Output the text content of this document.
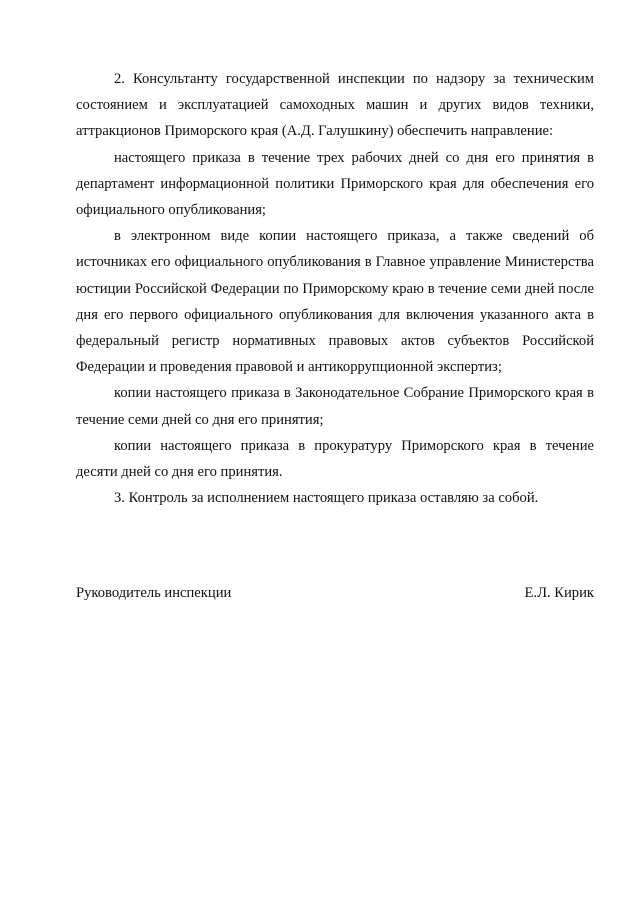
2. Консультанту государственной инспекции по надзору за техническим состоянием и эксплуатацией самоходных машин и других видов техники, аттракционов Приморского края (А.Д. Галушкину) обеспечить направление:

настоящего приказа в течение трех рабочих дней со дня его принятия в департамент информационной политики Приморского края для обеспечения его официального опубликования;

в электронном виде копии настоящего приказа, а также сведений об источниках его официального опубликования в Главное управление Министерства юстиции Российской Федерации по Приморскому краю в течение семи дней после дня его первого официального опубликования для включения указанного акта в федеральный регистр нормативных правовых актов субъектов Российской Федерации и проведения правовой и антикоррупционной экспертиз;

копии настоящего приказа в Законодательное Собрание Приморского края в течение семи дней со дня его принятия;

копии настоящего приказа в прокуратуру Приморского края в течение десяти дней со дня его принятия.

3. Контроль за исполнением настоящего приказа оставляю за собой.

Руководитель инспекции	Е.Л. Кирик
